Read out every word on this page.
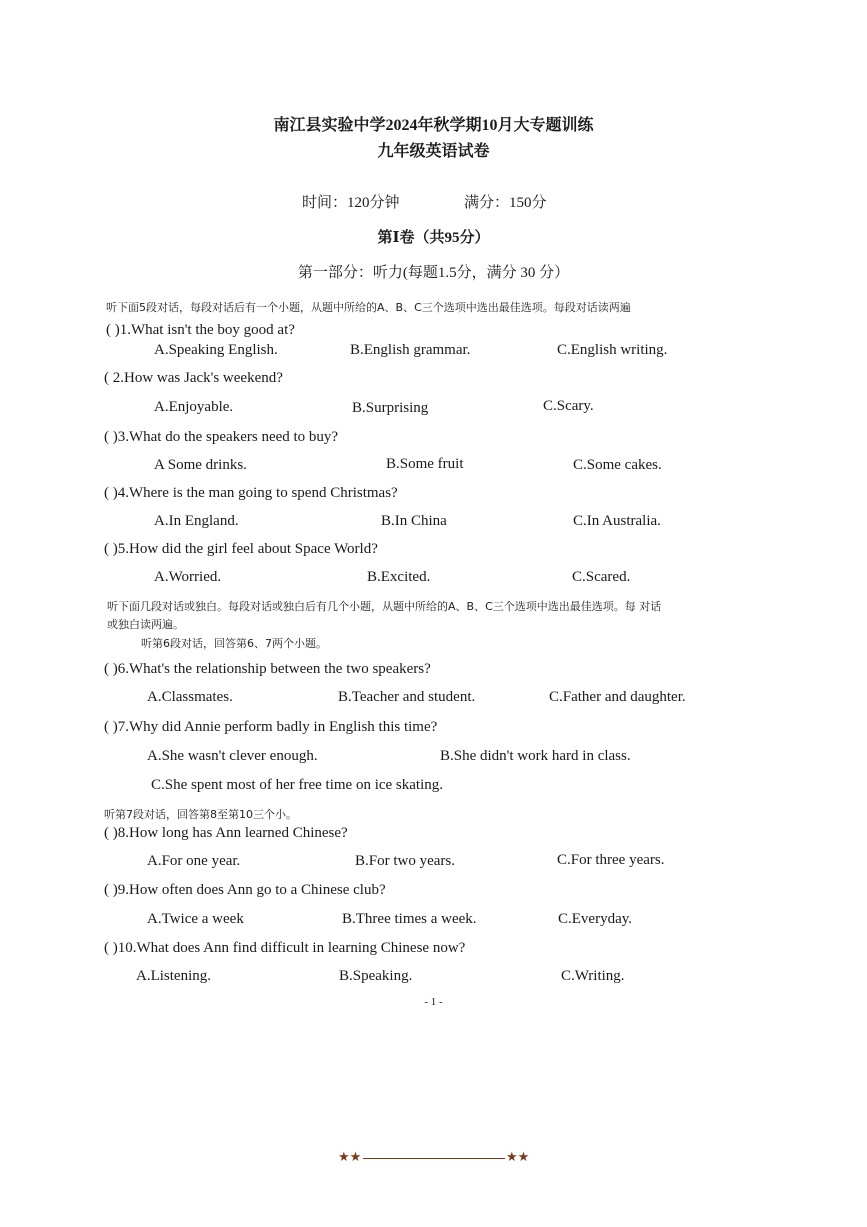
南江县实验中学2024年秋学期10月大专题训练
九年级英语试卷
时间：120分钟	满分：150分
第Ⅰ卷（共95分）
第一部分：听力(每题1.5分，满分 30 分）
听下面5段对话，每段对话后有一个小题，从题中所给的A、B、C三个选项中选出最佳选项。每段对话读两遍
( )1.What isn't the boy good at?
A.Speaking English.	B.English grammar.	C.English writing.
( 2.How was Jack's weekend?
A.Enjoyable.	B.Surprising	C.Scary.
( )3.What do the speakers need to buy?
A Some drinks.	B.Some fruit	C.Some cakes.
( )4.Where is the man going to spend Christmas?
A.In England.	B.In China	C.In Australia.
( )5.How did the girl feel about Space World?
A.Worried.	B.Excited.	C.Scared.
听下面几段对话或独白。每段对话或独白后有几个小题，从题中所给的A、B、C三个选项中选出最佳选项。每 对话
或独白读两遍。
听第6段对话，回答第6、7两个小题。
( )6.What's the relationship between the two speakers?
A.Classmates.	B.Teacher and student.	C.Father and daughter.
( )7.Why did Annie perform badly in English this time?
A.She wasn't clever enough.	B.She didn't work hard in class.
C.She spent most of her free time on ice skating.
听第7段对话，回答第8至第10三个小。
( )8.How long has Ann learned Chinese?
A.For one year.	B.For two years.	C.For three years.
( )9.How often does Ann go to a Chinese club?
A.Twice a week	B.Three times a week.	C.Everyday.
( )10.What does Ann find difficult in learning Chinese now?
A.Listening.	B.Speaking.	C.Writing.
- 1 -
★★	★★
